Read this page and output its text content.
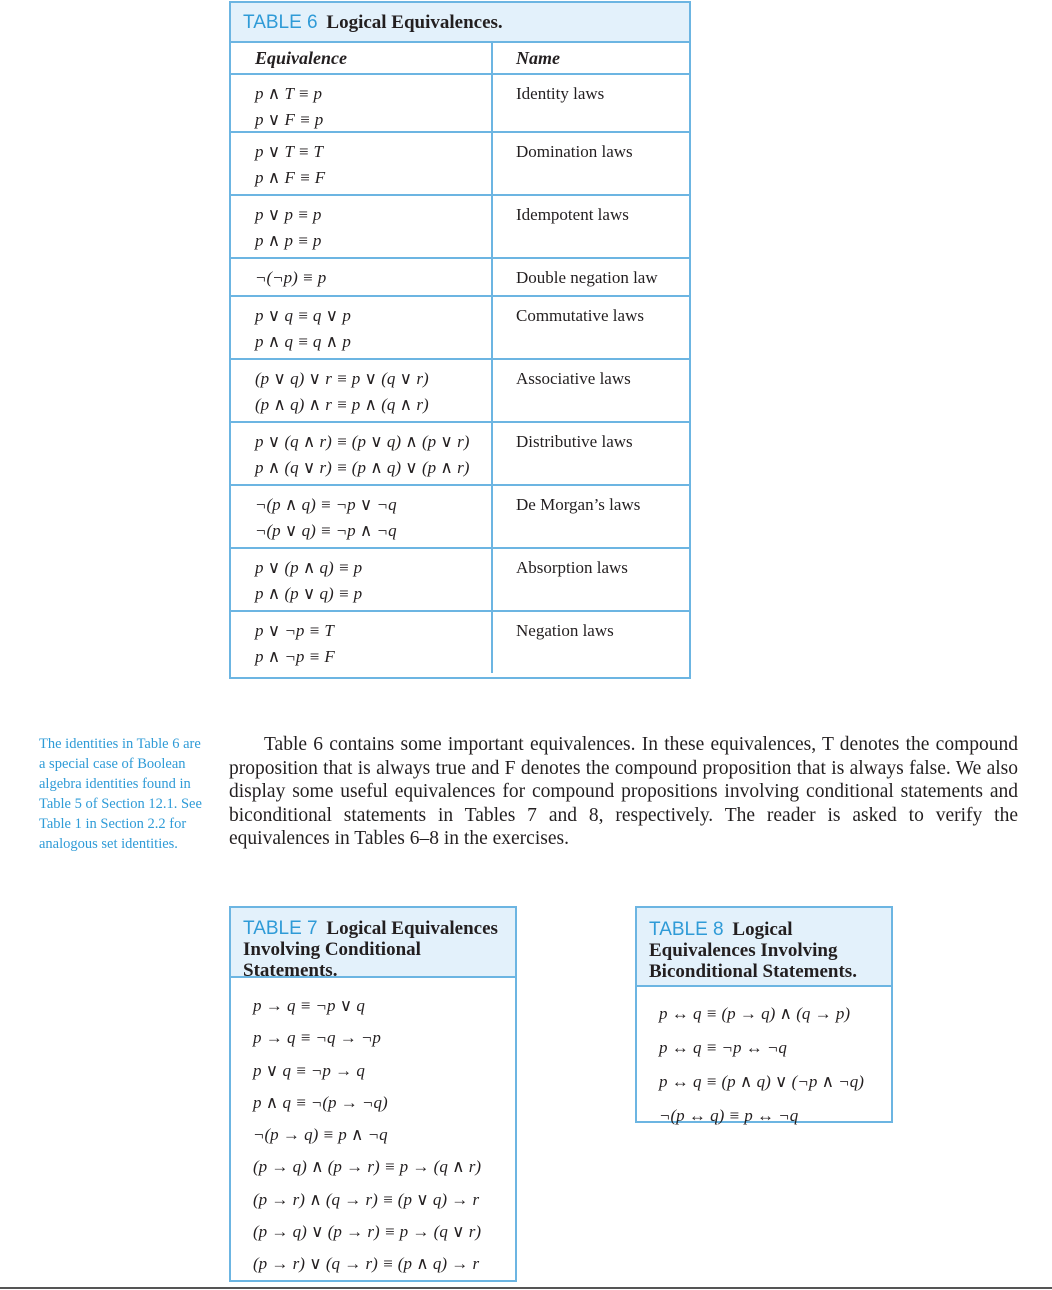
TABLE 6 Logical Equivalences.
Equivalence	Name
p ∧ T ≡ p
p ∨ F ≡ p
Identity laws
p ∨ T ≡ T
p ∧ F ≡ F
Domination laws
p ∨ p ≡ p
p ∧ p ≡ p
Idempotent laws
¬(¬p) ≡ p	Double negation law
p ∨ q ≡ q ∨ p
p ∧ q ≡ q ∧ p
Commutative laws
(p ∨ q) ∨ r ≡ p ∨ (q ∨ r)
(p ∧ q) ∧ r ≡ p ∧ (q ∧ r)
Associative laws
p ∨ (q ∧ r) ≡ (p ∨ q) ∧ (p ∨ r)
p ∧ (q ∨ r) ≡ (p ∧ q) ∨ (p ∧ r)
Distributive laws
¬(p ∧ q) ≡ ¬p ∨ ¬q
¬(p ∨ q) ≡ ¬p ∧ ¬q
De Morgan’s laws
p ∨ (p ∧ q) ≡ p
p ∧ (p ∨ q) ≡ p
Absorption laws
p ∨ ¬p ≡ T
p ∧ ¬p ≡ F
Negation laws
The identities in Table 6 are a special case of Boolean algebra identities found in Table 5 of Section 12.1. See Table 1 in Section 2.2 for analogous set identities.
Table 6 contains some important equivalences. In these equivalences, T denotes the compound proposition that is always true and F denotes the compound proposition that is always false. We also display some useful equivalences for compound propositions involving conditional statements and biconditional statements in Tables 7 and 8, respectively. The reader is asked to verify the equivalences in Tables 6–8 in the exercises.
TABLE 7 Logical Equivalences Involving Conditional Statements.
p → q ≡ ¬p ∨ q
p → q ≡ ¬q → ¬p
p ∨ q ≡ ¬p → q
p ∧ q ≡ ¬(p → ¬q)
¬(p → q) ≡ p ∧ ¬q
(p → q) ∧ (p → r) ≡ p → (q ∧ r)
(p → r) ∧ (q → r) ≡ (p ∨ q) → r
(p → q) ∨ (p → r) ≡ p → (q ∨ r)
(p → r) ∨ (q → r) ≡ (p ∧ q) → r
TABLE 8 Logical Equivalences Involving Biconditional Statements.
p ↔ q ≡ (p → q) ∧ (q → p)
p ↔ q ≡ ¬p ↔ ¬q
p ↔ q ≡ (p ∧ q) ∨ (¬p ∧ ¬q)
¬(p ↔ q) ≡ p ↔ ¬q
